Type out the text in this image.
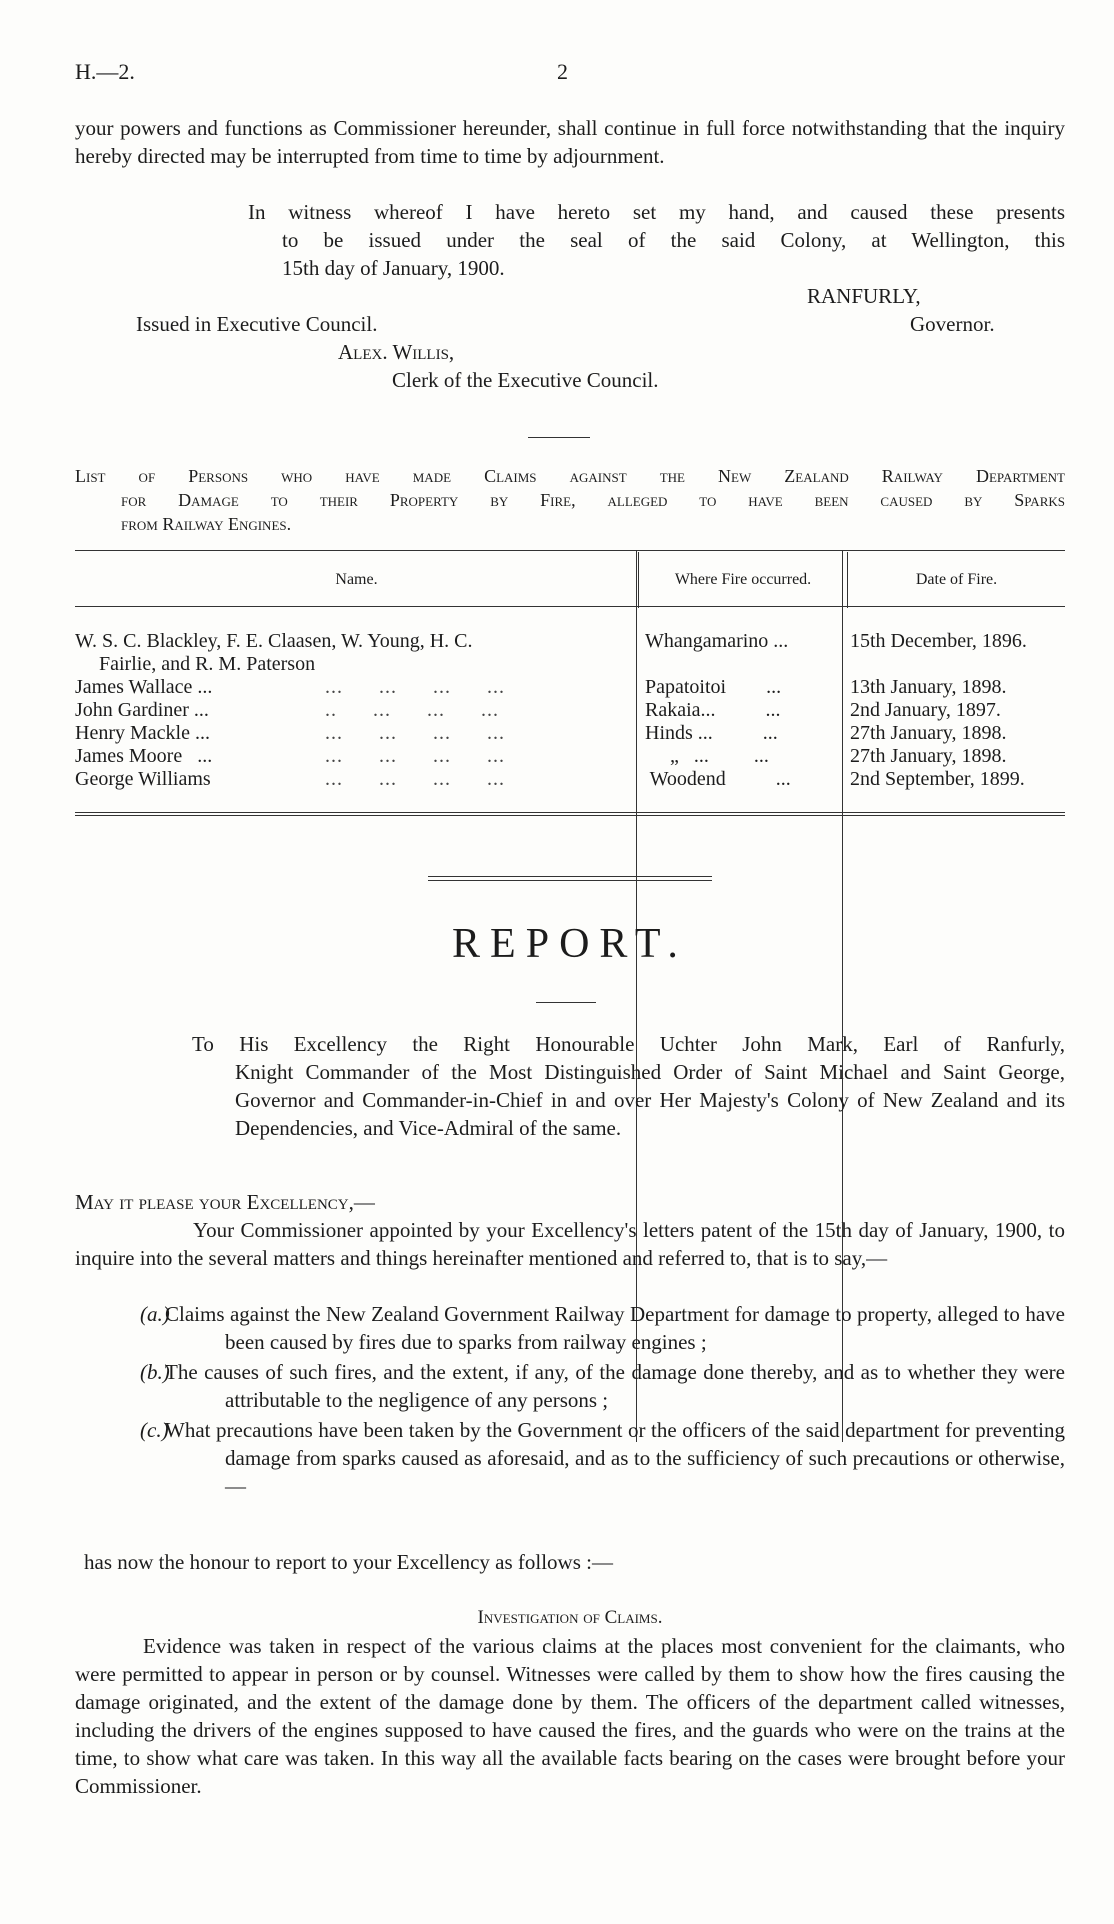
H.—2.	2
your powers and functions as Commissioner hereunder, shall continue in full force notwithstanding that the inquiry hereby directed may be interrupted from time to time by adjournment.
In witness whereof I have hereto set my hand, and caused these presents
to be issued under the seal of the said Colony, at Wellington, this
15th day of January, 1900.
RANFURLY,
Governor.
Issued in Executive Council.
Alex. Willis,
Clerk of the Executive Council.
List of Persons who have made Claims against the New Zealand Railway Department
for Damage to their Property by Fire, alleged to have been caused by Sparks
from Railway Engines.
Name.	Where Fire occurred.	Date of Fire.
W. S. C. Blackley, F. E. Claasen, W. Young, H. C.
Fairlie, and R. M. Paterson
Whangamarino ...	15th December, 1896.
James Wallace ...	...      ...      ...      ...	Papatoitoi        ...	13th January, 1898.
John Gardiner ...	..      ...      ...      ...	Rakaia...          ...	2nd January, 1897.
Henry Mackle ...	...      ...      ...      ...	Hinds ...          ...	27th January, 1898.
James Moore   ...	...      ...      ...      ...	„   ...         ...	27th January, 1898.
George Williams	...      ...      ...      ...	Woodend          ...	2nd September, 1899.
REPORT.
To His Excellency the Right Honourable Uchter John Mark, Earl of Ranfurly,
Knight Commander of the Most Distinguished Order of Saint Michael and Saint George, Governor and Commander-in-Chief in and over Her Majesty's Colony of New Zealand and its Dependencies, and Vice-Admiral of the same.
May it please your Excellency,—
Your Commissioner appointed by your Excellency's letters patent of the 15th day of January, 1900, to inquire into the several matters and things hereinafter mentioned and referred to, that is to say,—
(a.)
Claims against the New Zealand Government Railway Department for damage to property, alleged to have been caused by fires due to sparks from railway engines ;
(b.)
The causes of such fires, and the extent, if any, of the damage done thereby, and as to whether they were attributable to the negligence of any persons ;
(c.)
What precautions have been taken by the Government or the officers of the said department for preventing damage from sparks caused as aforesaid, and as to the sufficiency of such precautions or otherwise,—
has now the honour to report to your Excellency as follows :—
Investigation of Claims.
Evidence was taken in respect of the various claims at the places most convenient for the claimants, who were permitted to appear in person or by counsel. Witnesses were called by them to show how the fires causing the damage originated, and the extent of the damage done by them. The officers of the department called witnesses, including the drivers of the engines supposed to have caused the fires, and the guards who were on the trains at the time, to show what care was taken. In this way all the available facts bearing on the cases were brought before your Commissioner.
